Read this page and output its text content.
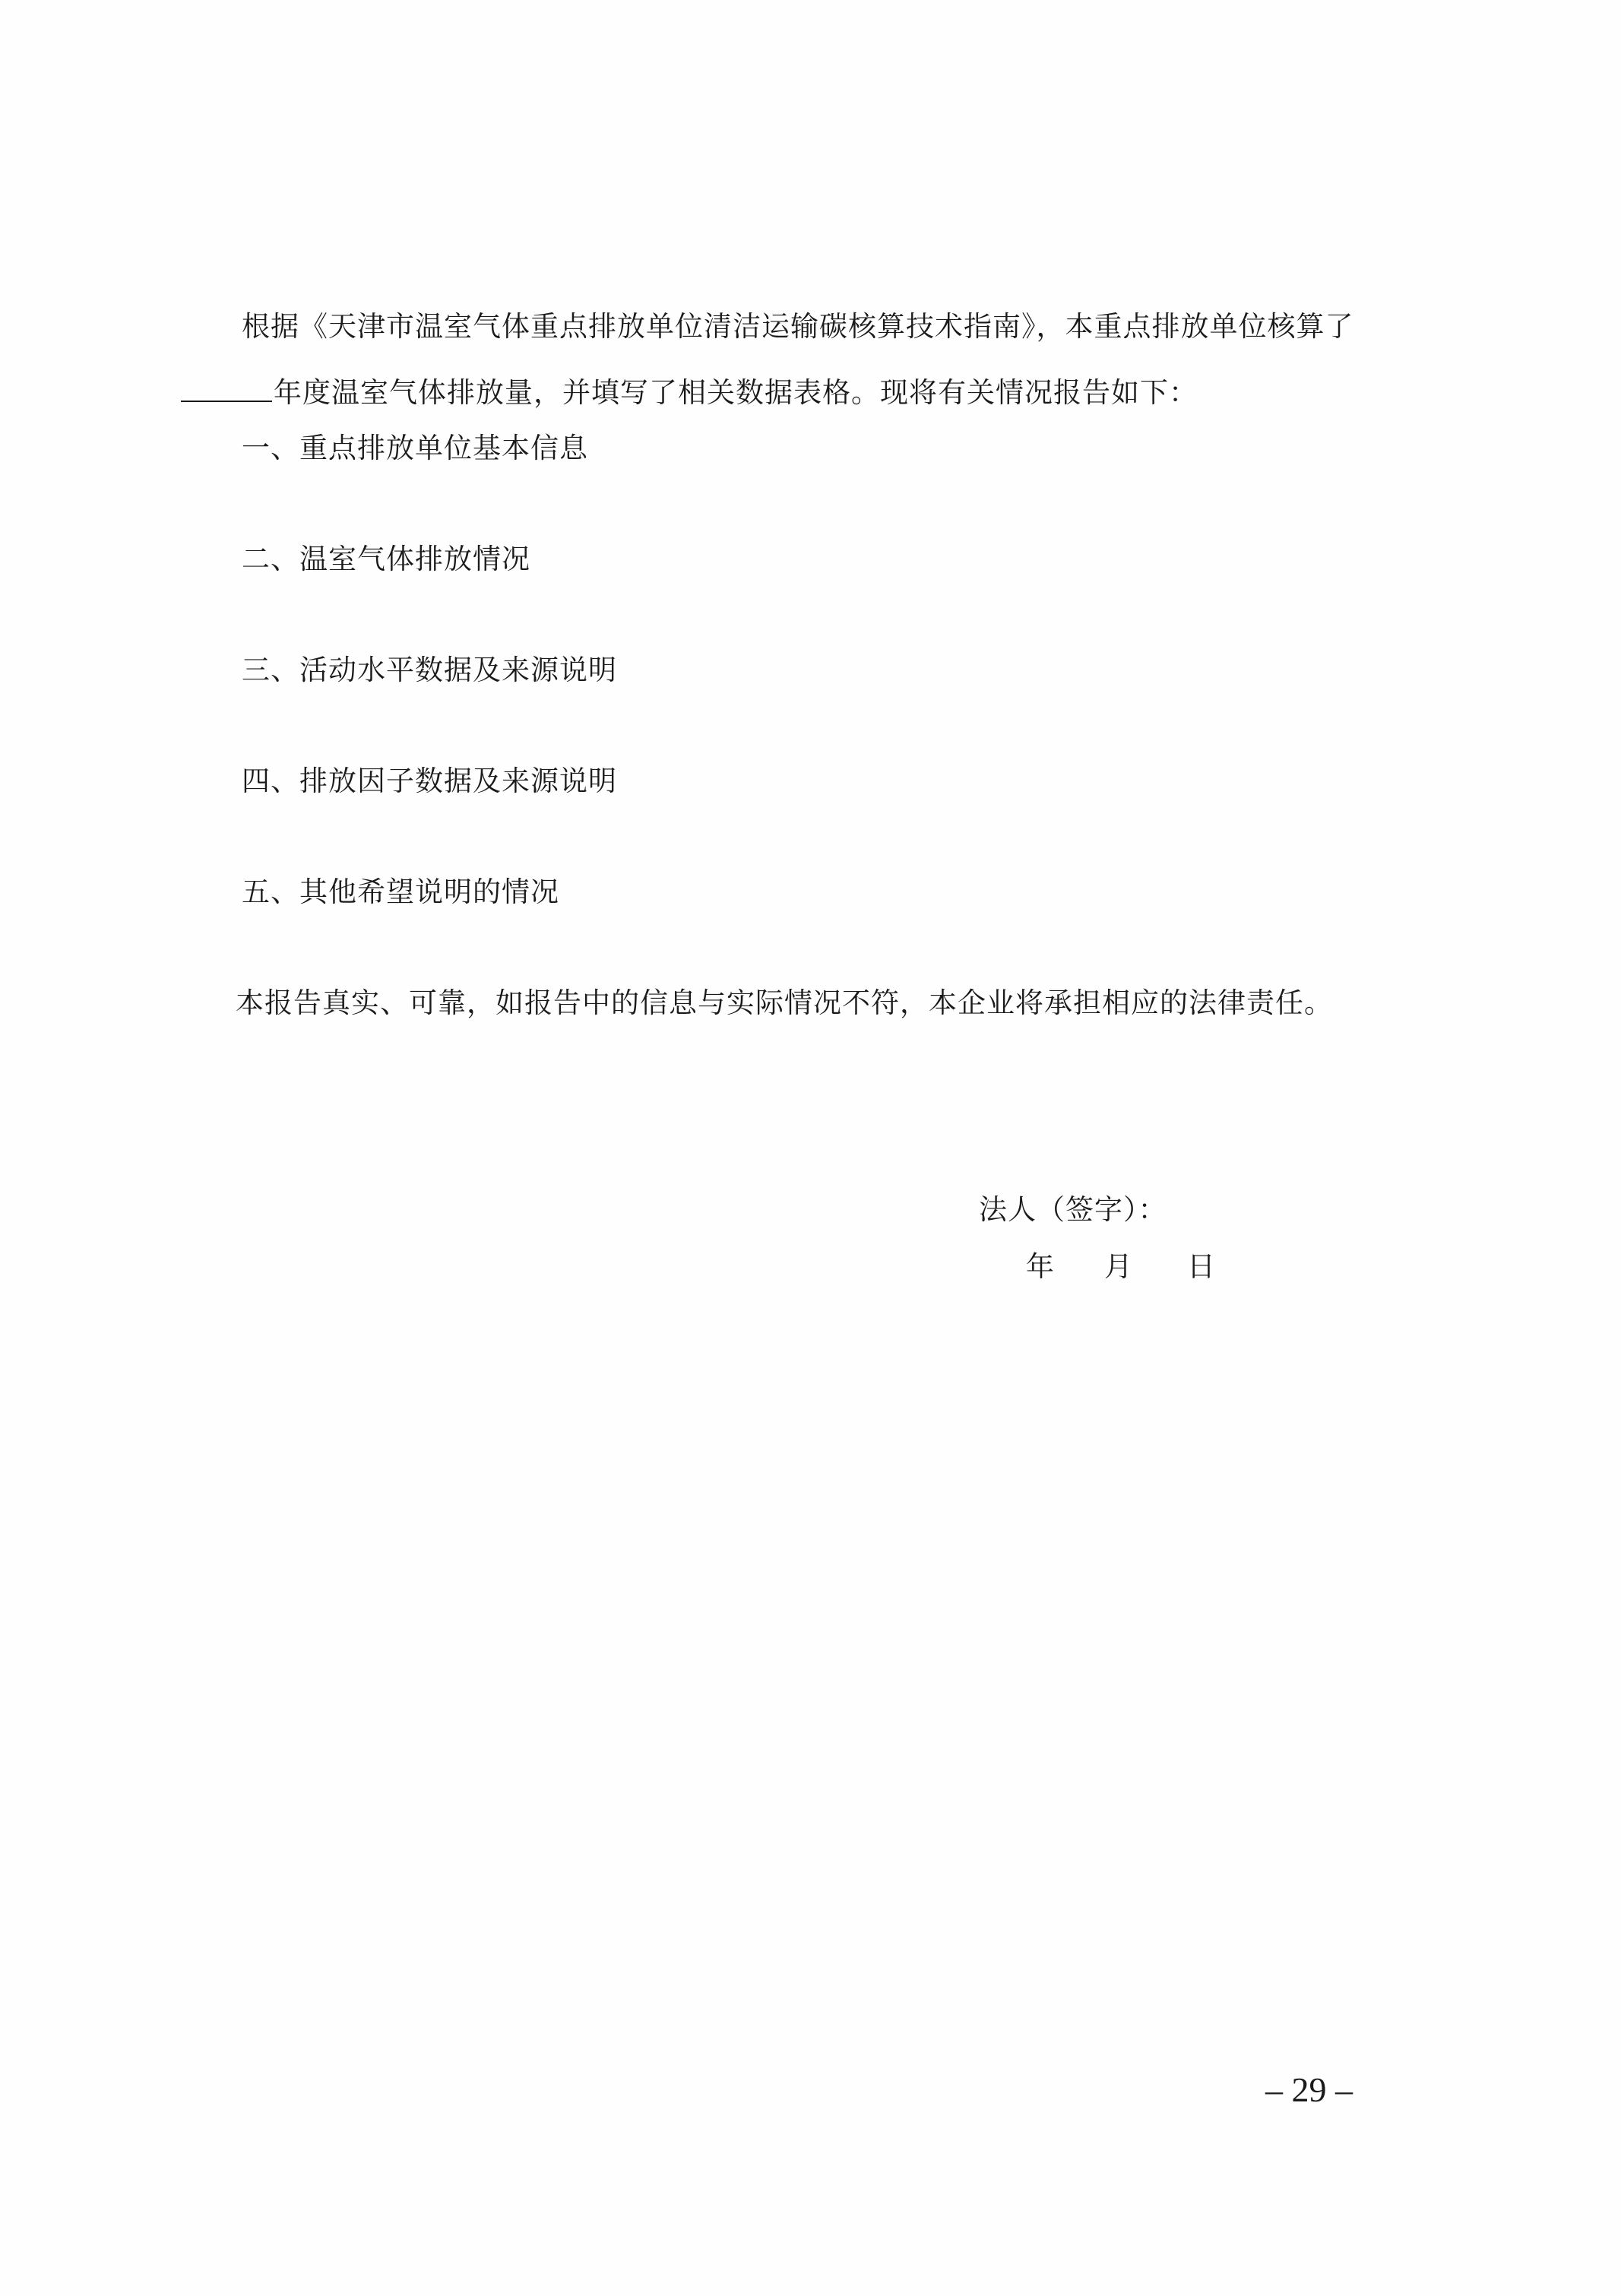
根据《天津市温室气体重点排放单位清洁运输碳核算技术指南》，本重点排放单位核算了
年度温室气体排放量，并填写了相关数据表格。现将有关情况报告如下：
一、重点排放单位基本信息
二、温室气体排放情况
三、活动水平数据及来源说明
四、排放因子数据及来源说明
五、其他希望说明的情况
本报告真实、可靠，如报告中的信息与实际情况不符，本企业将承担相应的法律责任。
法人（签字）：
年 月 日
– 29 –
